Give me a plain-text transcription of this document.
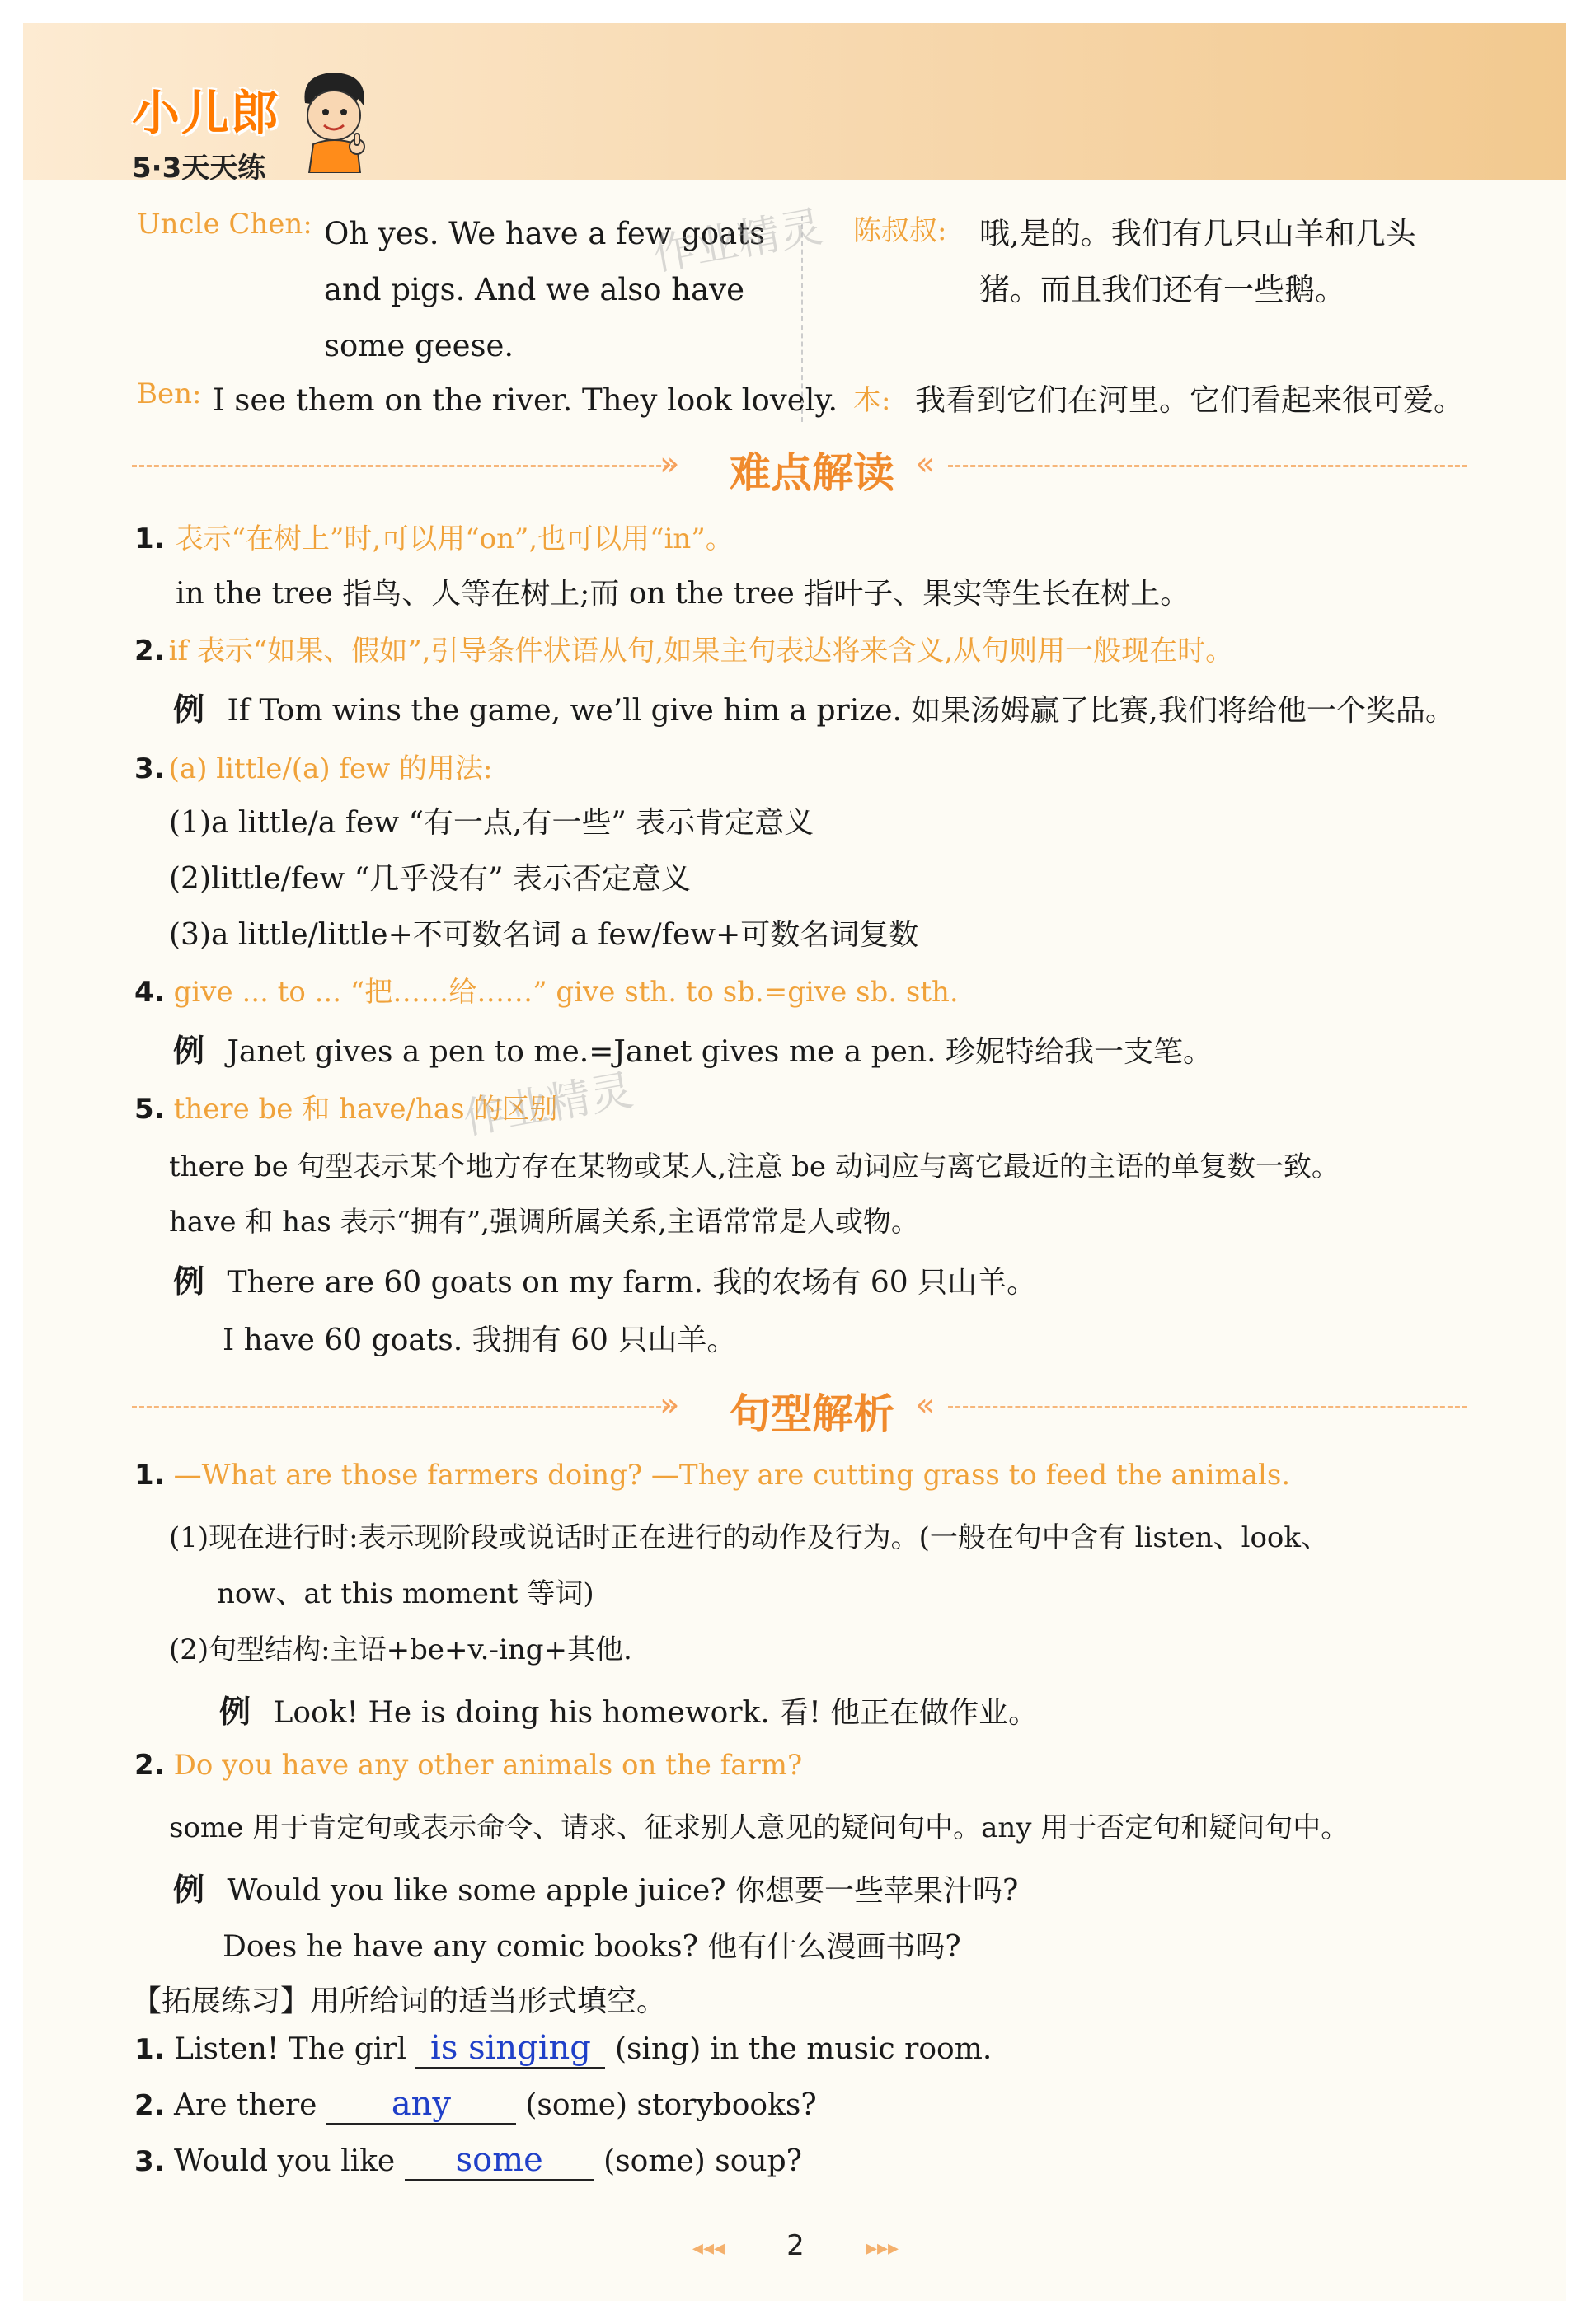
小儿郎
5·3天天练
Uncle Chen: Oh yes. We have a few goats
and pigs. And we also have
some geese.
Ben: I see them on the river. They look lovely.
陈叔叔: 哦,是的。我们有几只山羊和几头
猪。而且我们还有一些鹅。
本: 我看到它们在河里。它们看起来很可爱。
作业精灵
»	难点解读 «
1. 表示“在树上”时,可以用“on”,也可以用“in”。
in the tree 指鸟、人等在树上;而 on the tree 指叶子、果实等生长在树上。
2. if 表示“如果、假如”,引导条件状语从句,如果主句表达将来含义,从句则用一般现在时。
例 If Tom wins the game, we’ll give him a prize. 如果汤姆赢了比赛,我们将给他一个奖品。
3. (a) little/(a) few 的用法:
(1)a little/a few “有一点,有一些” 表示肯定意义
(2)little/few “几乎没有” 表示否定意义
(3)a little/little+不可数名词 a few/few+可数名词复数
4. give ... to ... “把……给……” give sth. to sb.=give sb. sth.
例 Janet gives a pen to me.=Janet gives me a pen. 珍妮特给我一支笔。
5. there be 和 have/has 的区别
作业精灵
there be 句型表示某个地方存在某物或某人,注意 be 动词应与离它最近的主语的单复数一致。
have 和 has 表示“拥有”,强调所属关系,主语常常是人或物。
例 There are 60 goats on my farm. 我的农场有 60 只山羊。
I have 60 goats. 我拥有 60 只山羊。
»	句型解析 «
1. —What are those farmers doing? —They are cutting grass to feed the animals.
(1)现在进行时:表示现阶段或说话时正在进行的动作及行为。(一般在句中含有 listen、look、
now、at this moment 等词)
(2)句型结构:主语+be+v.-ing+其他.
例 Look! He is doing his homework. 看! 他正在做作业。
2. Do you have any other animals on the farm?
some 用于肯定句或表示命令、请求、征求别人意见的疑问句中。any 用于否定句和疑问句中。
例 Would you like some apple juice? 你想要一些苹果汁吗?
Does he have any comic books? 他有什么漫画书吗?
【拓展练习】用所给词的适当形式填空。
1. Listen! The girl is singing (sing) in the music room.
2. Are there any	(some) storybooks?
3. Would you like some (some) soup?
◂◂◂ 2	▸▸▸
